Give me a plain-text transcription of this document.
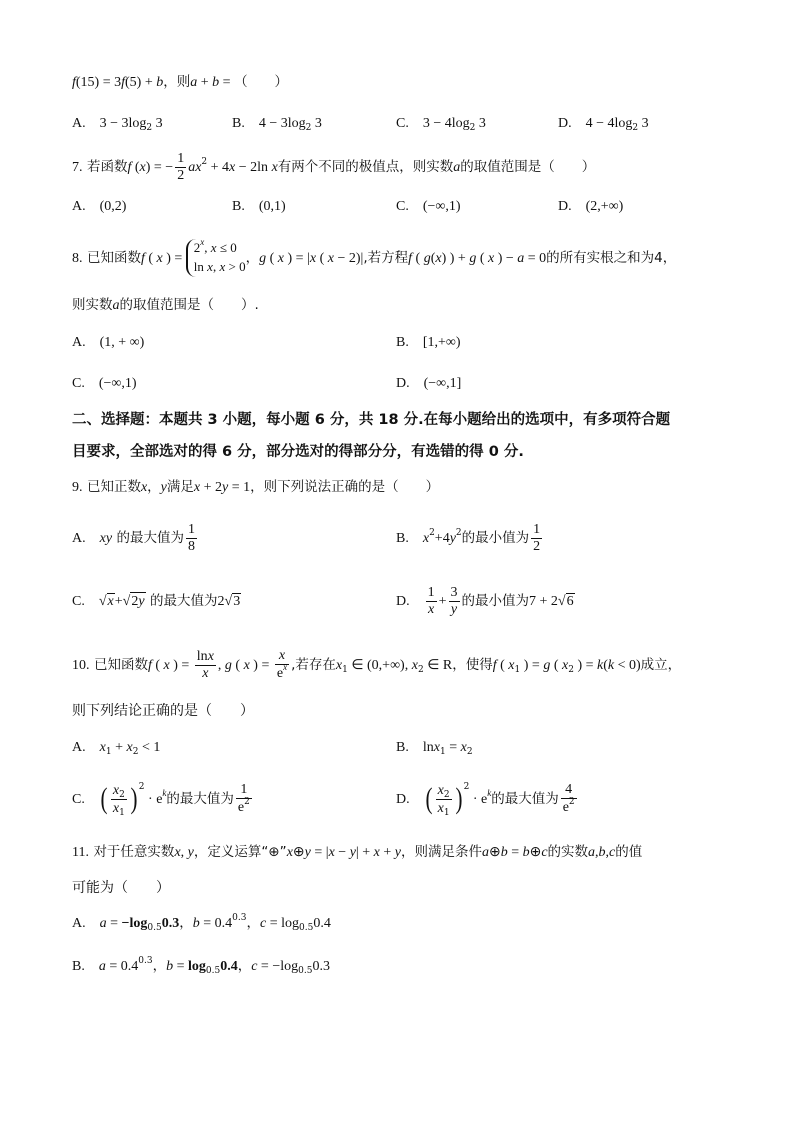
f(15) = 3f(5) + b，则a + b = （　　）
A. $3 - 3\log_2$ 3	B. $4 - 3\log_2$ 3	C. $3 - 4\log_2$ 3	D. $4 - 4\log_2$ 3
7. 若函数f (x) = − $\frac{1}{2} ax^2 + 4x - 2\ln$ x有两个不同的极值点，则实数a的取值范围是（　　）
A. (0,2)	B. (0,1)	C. (−∞,1)	D. (2,+∞)
8. 已知函数f ( x ) = $2^x$, x ≤ 0
ln x, x > 0，g ( x ) = |x ( x − 2)|,若方程f ( g(x) ) + g ( x ) − a = 0的所有实根之和为4，
则实数a的取值范围是（　　）.
A. (1, + ∞)	B. [1,+∞)
C. (−∞,1)	D. (−∞,1]
二、选择题：本题共 3 小题，每小题 6 分，共 18 分.在每小题给出的选项中，有多项符合题
目要求，全部选对的得 6 分，部分选对的得部分分，有选错的得 0 分.
9. 已知正数x，y满足x + 2y = 1，则下列说法正确的是（　　）
A. xy 的最大值为 $\frac{1}{8}$	B. $x^2+4y^2$的最小值为 $\frac{1}{2}$
C. √x+√2y 的最大值为2√3	D. $\frac{1}{x} + \frac{3}{y}$ 的最小值为7 + 2√6
10. 已知函数f ( x ) = $\frac{\ln x}{x}$ , g ( x ) = $\frac{x}{e^x}$ ,若存在$x_1$ ∈ (0,+∞), $x_2$ ∈ R，使得f ( $x_1$ ) = g ( $x_2$ ) = k(k < 0)成立，
则下列结论正确的是（　　）
A. $x_1 + x_2 < 1$	B. $\ln x_1 = x_2$
C. ( $\frac{x_2}{x_1}$ ) $^2 \cdot e^k$的最大值为 $\frac{1}{e^2}$	D. ( $\frac{x_2}{x_1}$ ) $^2 \cdot e^k$的最大值为 $\frac{4}{e^2}$
11. 对于任意实数x, y，定义运算“⊕”x⊕y = |x − y| + x + y，则满足条件a⊕b = b⊕c的实数a,b,c的值
可能为（　　）
A. $a = -\log_{0.5}0.3$，$b = 0.4^{0.3}$，$c = \log_{0.5}0.4$
B. $a = 0.4^{0.3}$，$b = \log_{0.5}0.4$，$c = -\log_{0.5}0.3$
